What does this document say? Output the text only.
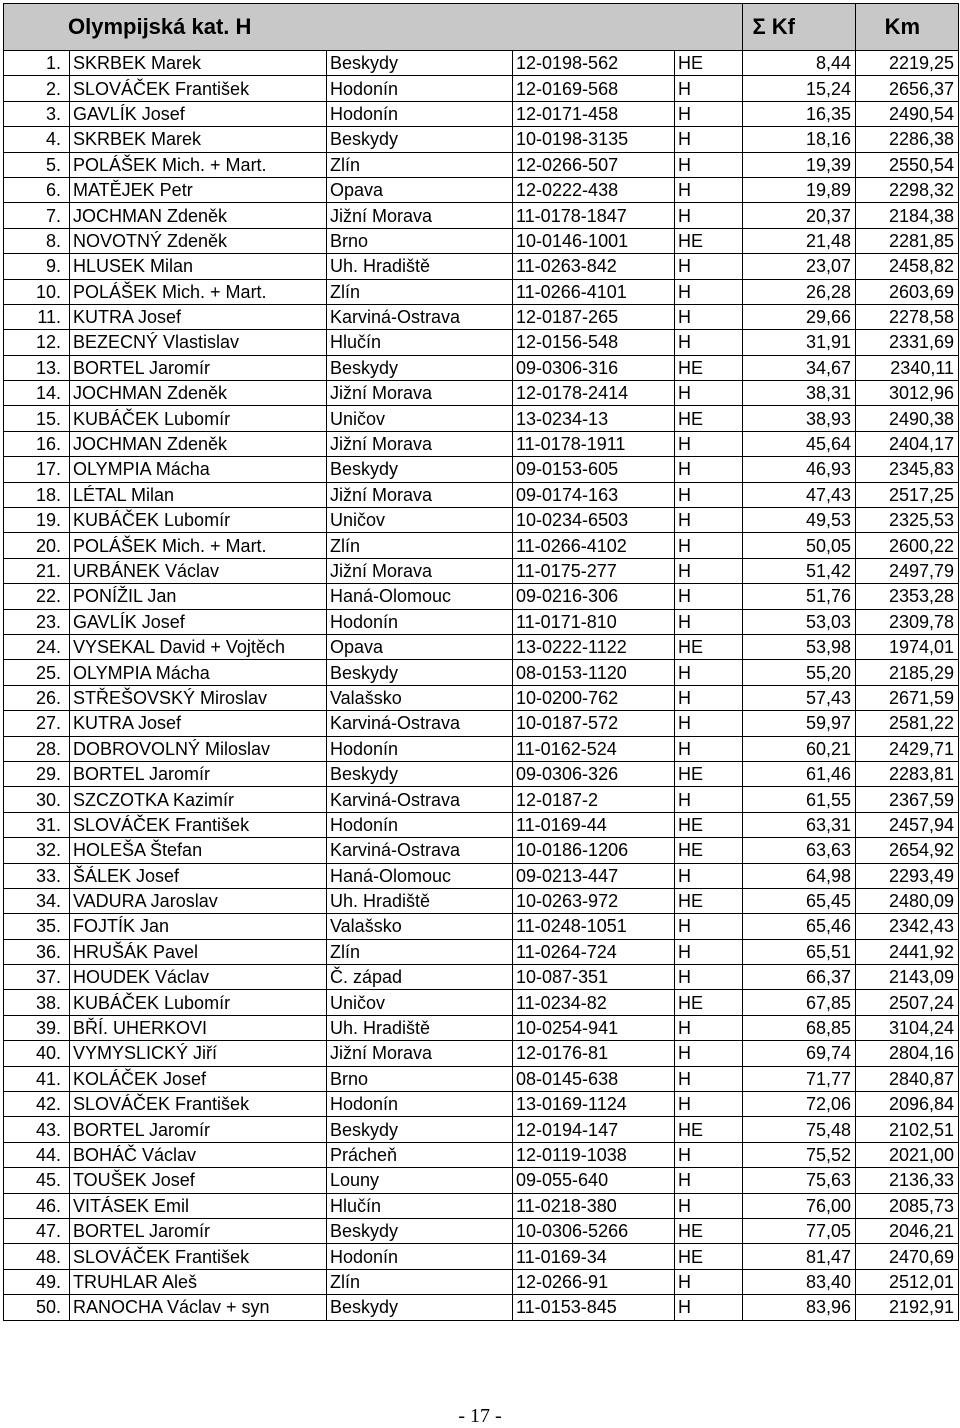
Olympijská kat. H					Σ Kf	Km
1.	SKRBEK Marek	Beskydy	12-0198-562	HE	8,44	2219,25
2.	SLOVÁČEK František	Hodonín	12-0169-568	H	15,24	2656,37
3.	GAVLÍK Josef	Hodonín	12-0171-458	H	16,35	2490,54
4.	SKRBEK Marek	Beskydy	10-0198-3135	H	18,16	2286,38
5.	POLÁŠEK Mich. + Mart.	Zlín	12-0266-507	H	19,39	2550,54
6.	MATĚJEK Petr	Opava	12-0222-438	H	19,89	2298,32
7.	JOCHMAN Zdeněk	Jižní Morava	11-0178-1847	H	20,37	2184,38
8.	NOVOTNÝ Zdeněk	Brno	10-0146-1001	HE	21,48	2281,85
9.	HLUSEK Milan	Uh. Hradiště	11-0263-842	H	23,07	2458,82
10.	POLÁŠEK Mich. + Mart.	Zlín	11-0266-4101	H	26,28	2603,69
11.	KUTRA Josef	Karviná-Ostrava	12-0187-265	H	29,66	2278,58
12.	BEZECNÝ Vlastislav	Hlučín	12-0156-548	H	31,91	2331,69
13.	BORTEL Jaromír	Beskydy	09-0306-316	HE	34,67	2340,11
14.	JOCHMAN Zdeněk	Jižní Morava	12-0178-2414	H	38,31	3012,96
15.	KUBÁČEK Lubomír	Uničov	13-0234-13	HE	38,93	2490,38
16.	JOCHMAN Zdeněk	Jižní Morava	11-0178-1911	H	45,64	2404,17
17.	OLYMPIA Mácha	Beskydy	09-0153-605	H	46,93	2345,83
18.	LÉTAL Milan	Jižní Morava	09-0174-163	H	47,43	2517,25
19.	KUBÁČEK Lubomír	Uničov	10-0234-6503	H	49,53	2325,53
20.	POLÁŠEK Mich. + Mart.	Zlín	11-0266-4102	H	50,05	2600,22
21.	URBÁNEK Václav	Jižní Morava	11-0175-277	H	51,42	2497,79
22.	PONÍŽIL Jan	Haná-Olomouc	09-0216-306	H	51,76	2353,28
23.	GAVLÍK Josef	Hodonín	11-0171-810	H	53,03	2309,78
24.	VYSEKAL David + Vojtěch	Opava	13-0222-1122	HE	53,98	1974,01
25.	OLYMPIA Mácha	Beskydy	08-0153-1120	H	55,20	2185,29
26.	STŘEŠOVSKÝ Miroslav	Valašsko	10-0200-762	H	57,43	2671,59
27.	KUTRA Josef	Karviná-Ostrava	10-0187-572	H	59,97	2581,22
28.	DOBROVOLNÝ Miloslav	Hodonín	11-0162-524	H	60,21	2429,71
29.	BORTEL Jaromír	Beskydy	09-0306-326	HE	61,46	2283,81
30.	SZCZOTKA Kazimír	Karviná-Ostrava	12-0187-2	H	61,55	2367,59
31.	SLOVÁČEK František	Hodonín	11-0169-44	HE	63,31	2457,94
32.	HOLEŠA Štefan	Karviná-Ostrava	10-0186-1206	HE	63,63	2654,92
33.	ŠÁLEK Josef	Haná-Olomouc	09-0213-447	H	64,98	2293,49
34.	VADURA Jaroslav	Uh. Hradiště	10-0263-972	HE	65,45	2480,09
35.	FOJTÍK Jan	Valašsko	11-0248-1051	H	65,46	2342,43
36.	HRUŠÁK Pavel	Zlín	11-0264-724	H	65,51	2441,92
37.	HOUDEK Václav	Č. západ	10-087-351	H	66,37	2143,09
38.	KUBÁČEK Lubomír	Uničov	11-0234-82	HE	67,85	2507,24
39.	BŘÍ. UHERKOVI	Uh. Hradiště	10-0254-941	H	68,85	3104,24
40.	VYMYSLICKÝ Jiří	Jižní Morava	12-0176-81	H	69,74	2804,16
41.	KOLÁČEK Josef	Brno	08-0145-638	H	71,77	2840,87
42.	SLOVÁČEK František	Hodonín	13-0169-1124	H	72,06	2096,84
43.	BORTEL Jaromír	Beskydy	12-0194-147	HE	75,48	2102,51
44.	BOHÁČ Václav	Prácheň	12-0119-1038	H	75,52	2021,00
45.	TOUŠEK Josef	Louny	09-055-640	H	75,63	2136,33
46.	VITÁSEK Emil	Hlučín	11-0218-380	H	76,00	2085,73
47.	BORTEL Jaromír	Beskydy	10-0306-5266	HE	77,05	2046,21
48.	SLOVÁČEK František	Hodonín	11-0169-34	HE	81,47	2470,69
49.	TRUHLAR Aleš	Zlín	12-0266-91	H	83,40	2512,01
50.	RANOCHA Václav + syn	Beskydy	11-0153-845	H	83,96	2192,91
- 17 -
